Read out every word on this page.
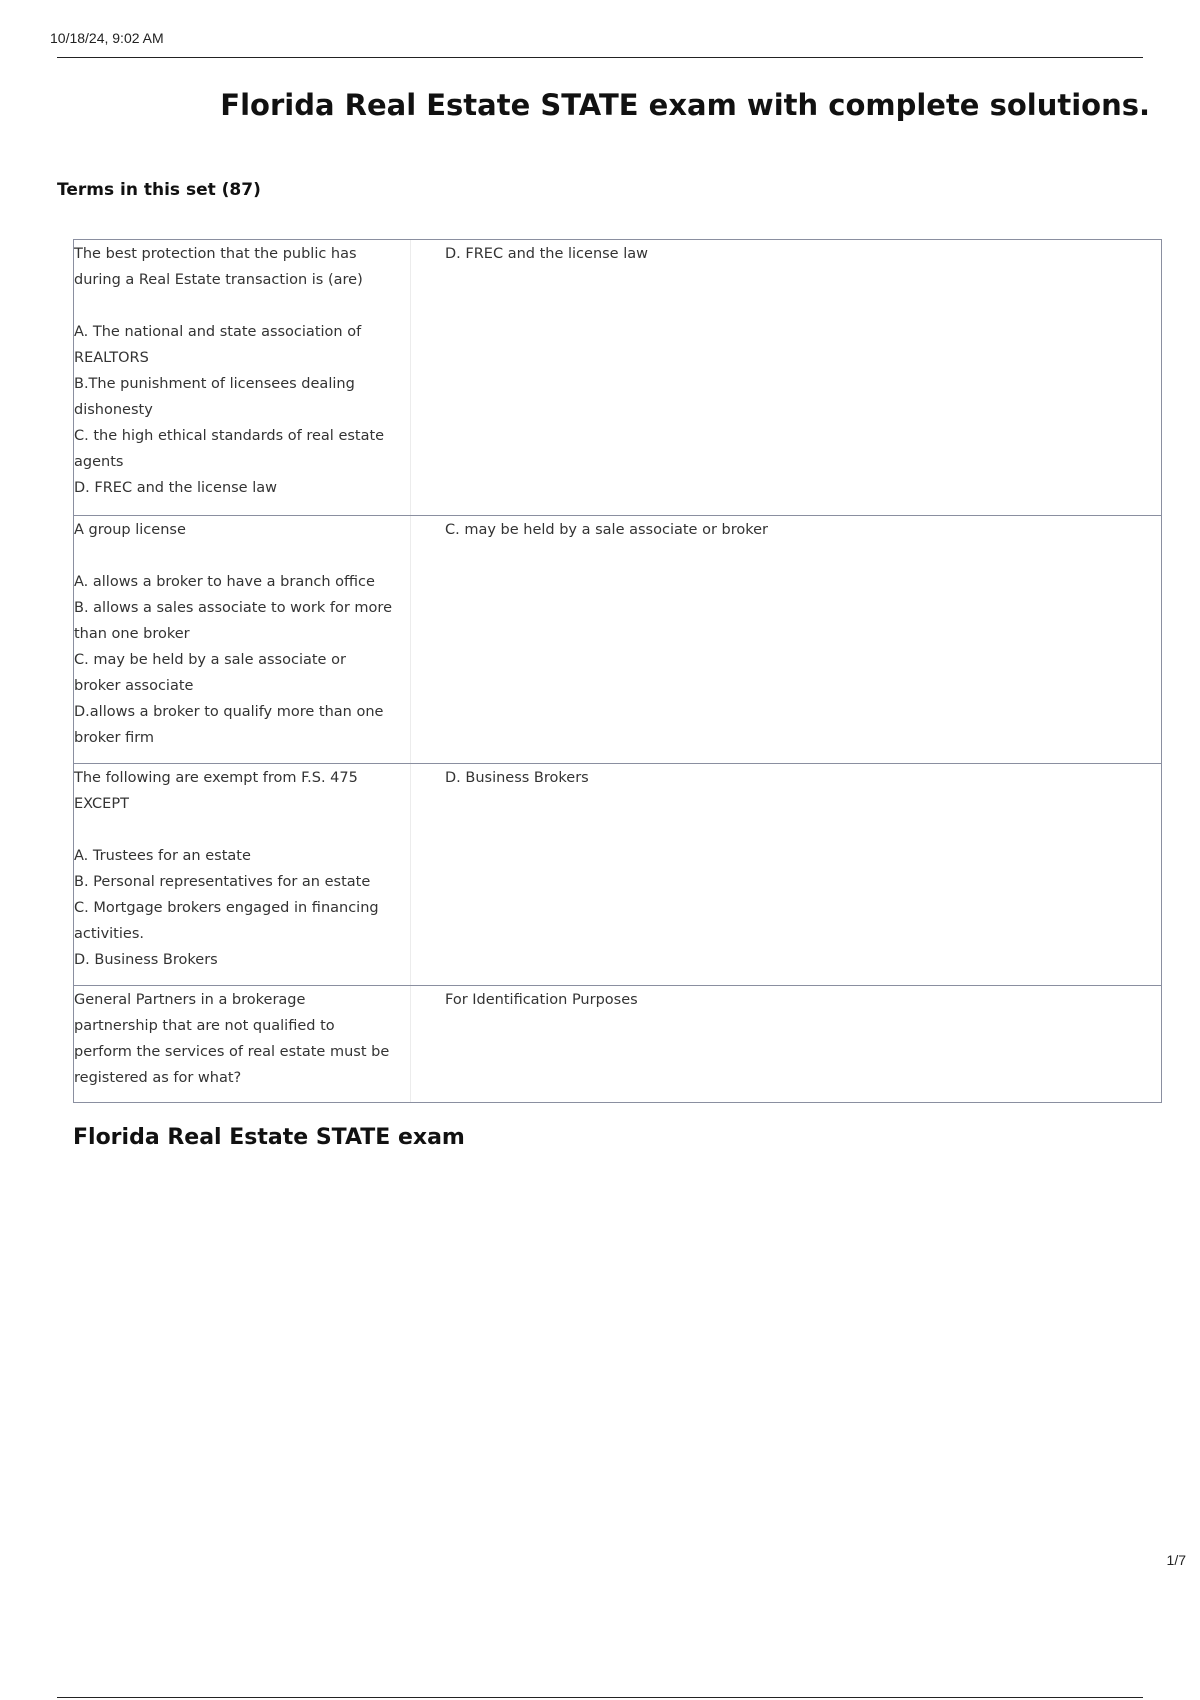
10/18/24, 9:02 AM
Florida Real Estate STATE exam with complete solutions.
Terms in this set (87)
The best protection that the public has
during a Real Estate transaction is (are)
A. The national and state association of
REALTORS
B.The punishment of licensees dealing
dishonesty
C. the high ethical standards of real estate
agents
D. FREC and the license law
D. FREC and the license law
A group license
A. allows a broker to have a branch office
B. allows a sales associate to work for more
than one broker
C. may be held by a sale associate or
broker associate
D.allows a broker to qualify more than one
broker firm
C. may be held by a sale associate or broker
The following are exempt from F.S. 475
EXCEPT
A. Trustees for an estate
B. Personal representatives for an estate
C. Mortgage brokers engaged in financing
activities.
D. Business Brokers
D. Business Brokers
General Partners in a brokerage
partnership that are not qualified to
perform the services of real estate must be
registered as for what?
For Identification Purposes
Florida Real Estate STATE exam
1/7
